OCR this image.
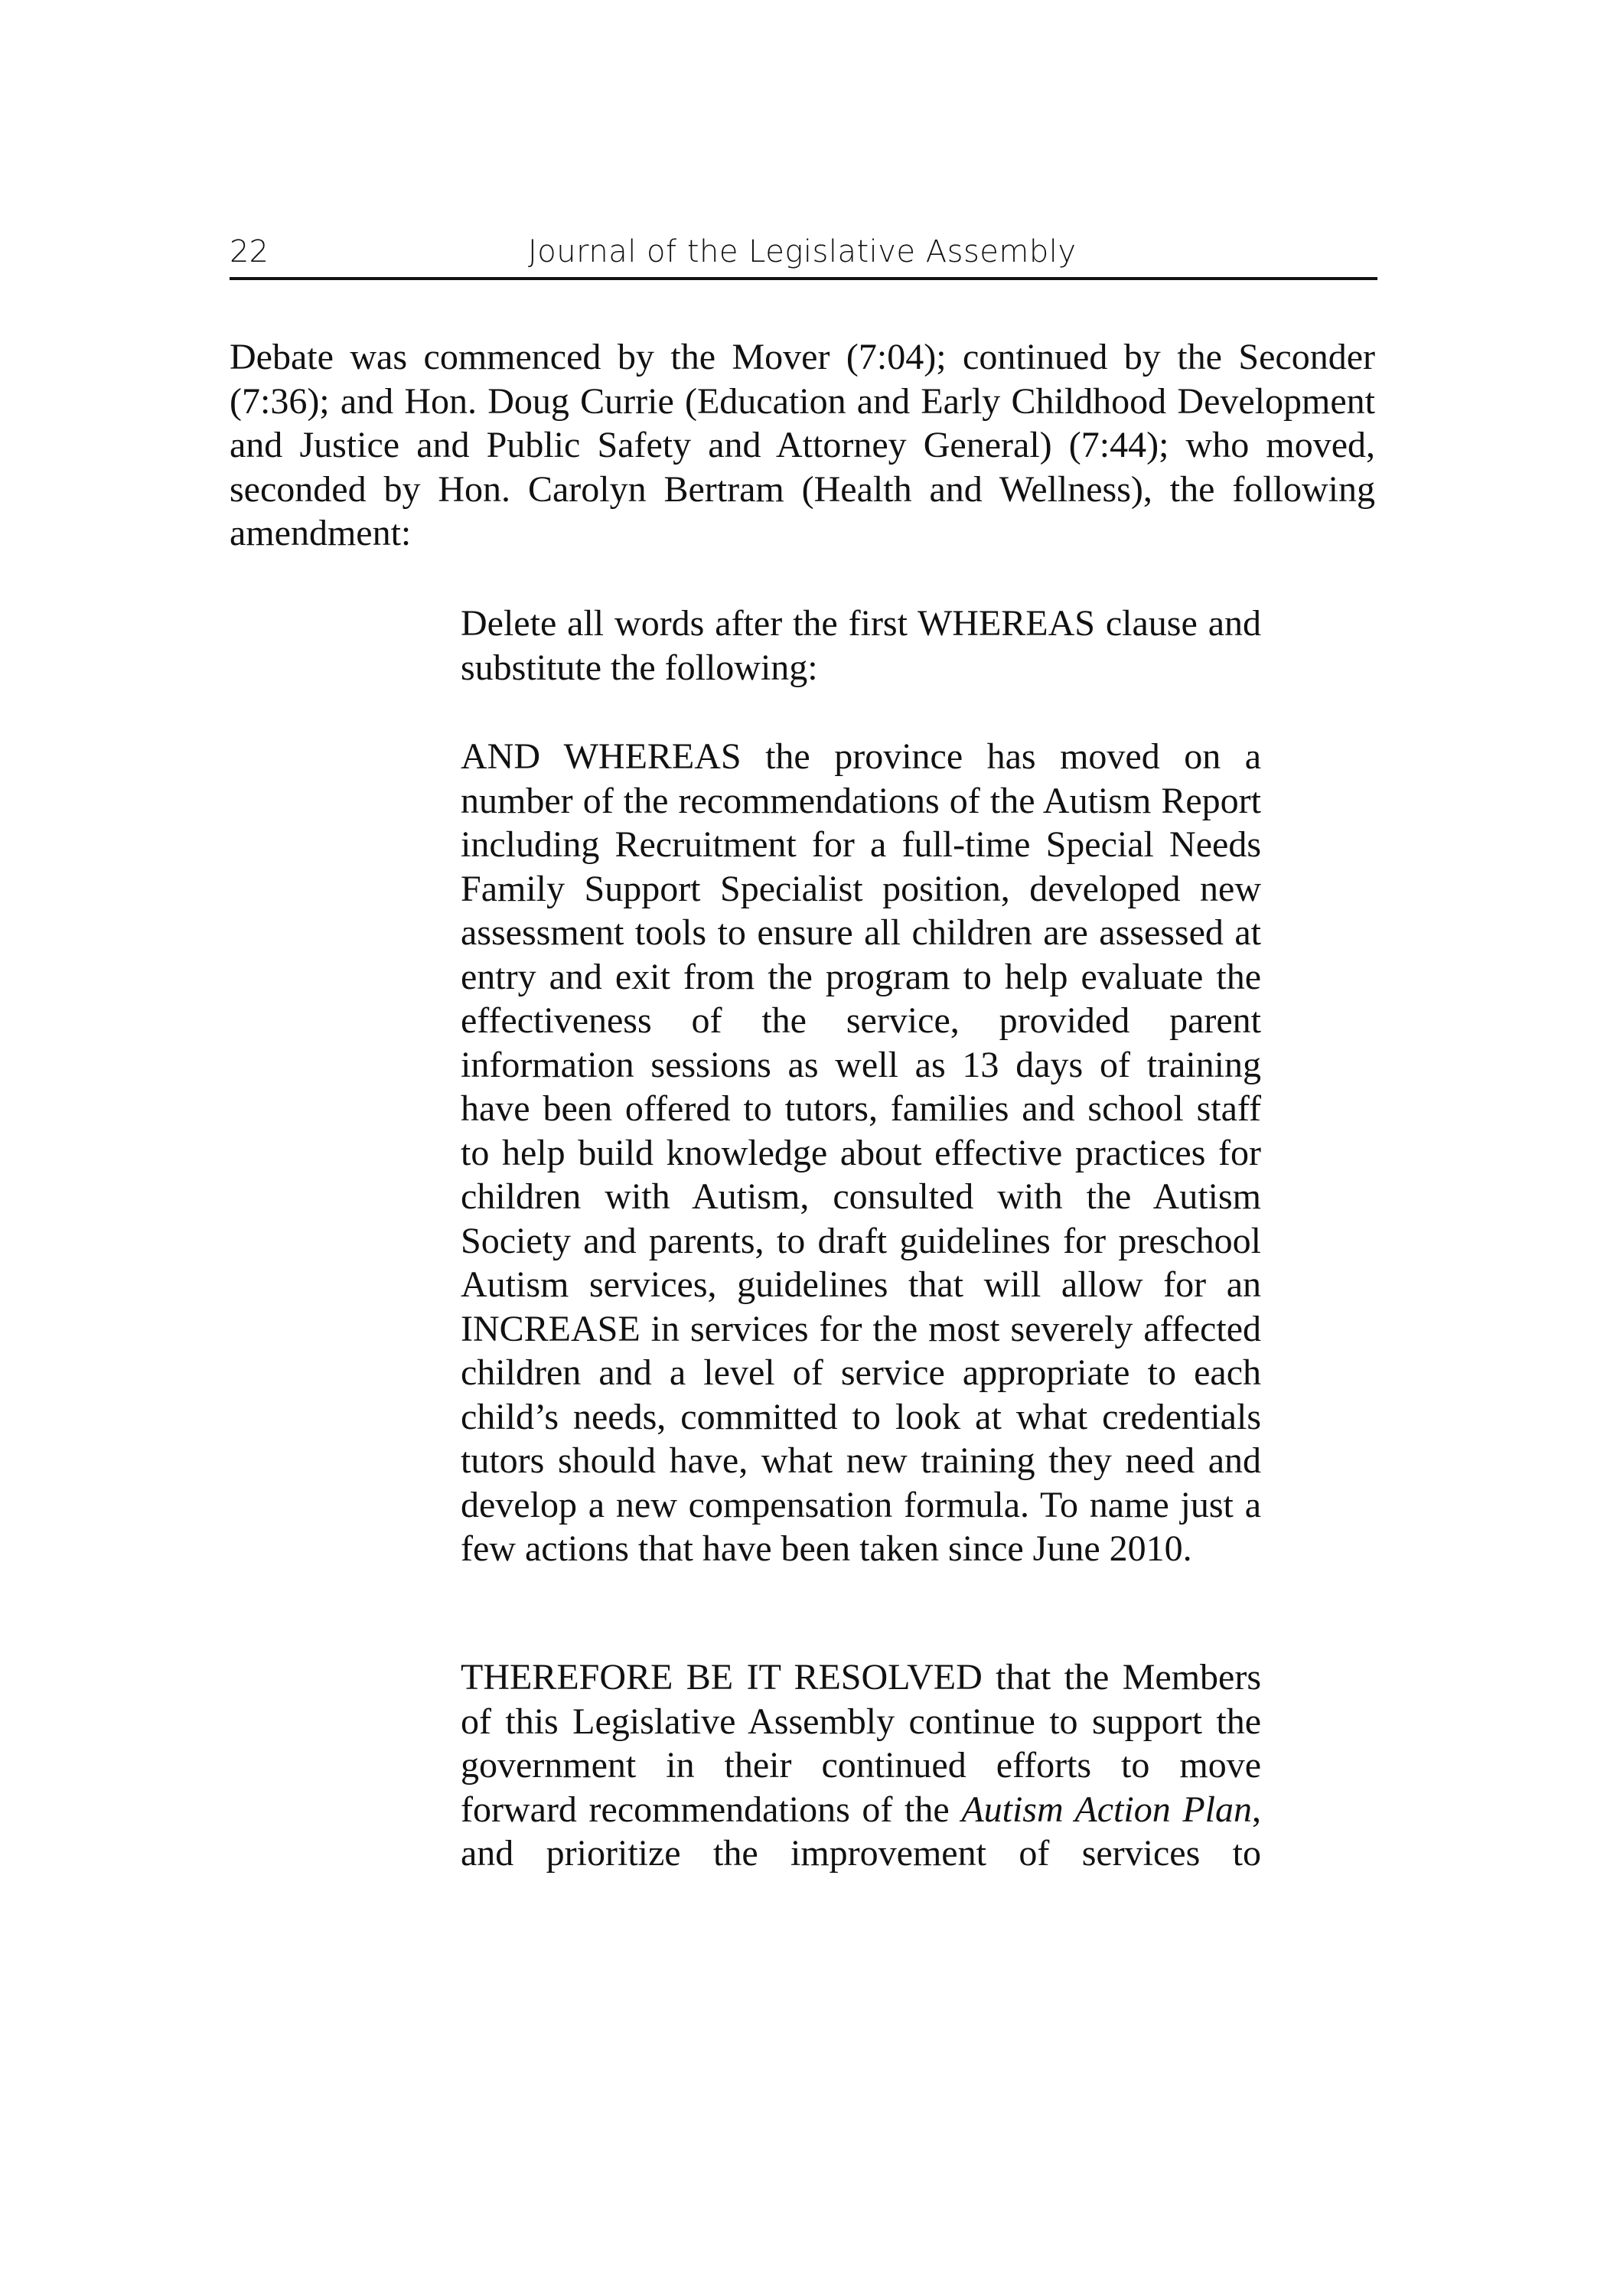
22	Journal of the Legislative Assembly

Debate was commenced by the Mover (7:04); continued by the Seconder (7:36); and Hon. Doug Currie (Education and Early Childhood Development and Justice and Public Safety and Attorney General) (7:44); who moved, seconded by Hon. Carolyn Bertram (Health and Wellness), the following amendment:

Delete all words after the first WHEREAS clause and substitute the following:

AND WHEREAS the province has moved on a number of the recommendations of the Autism Report including Recruitment for a full-time Special Needs Family Support Specialist position, developed new assessment tools to ensure all children are assessed at entry and exit from the program to help evaluate the effectiveness of the service, provided parent information sessions as well as 13 days of training have been offered to tutors, families and school staff to help build knowledge about effective practices for children with Autism, consulted with the Autism Society and parents, to draft guidelines for preschool Autism services, guidelines that will allow for an INCREASE in services for the most severely affected children and a level of service appropriate to each child’s needs, committed to look at what credentials tutors should have, what new training they need and develop a new compensation formula. To name just a few actions that have been taken since June 2010.

THEREFORE BE IT RESOLVED that the Members of this Legislative Assembly continue to support the government in their continued efforts to move forward recommendations of the Autism Action Plan, and prioritize the improvement of services to
